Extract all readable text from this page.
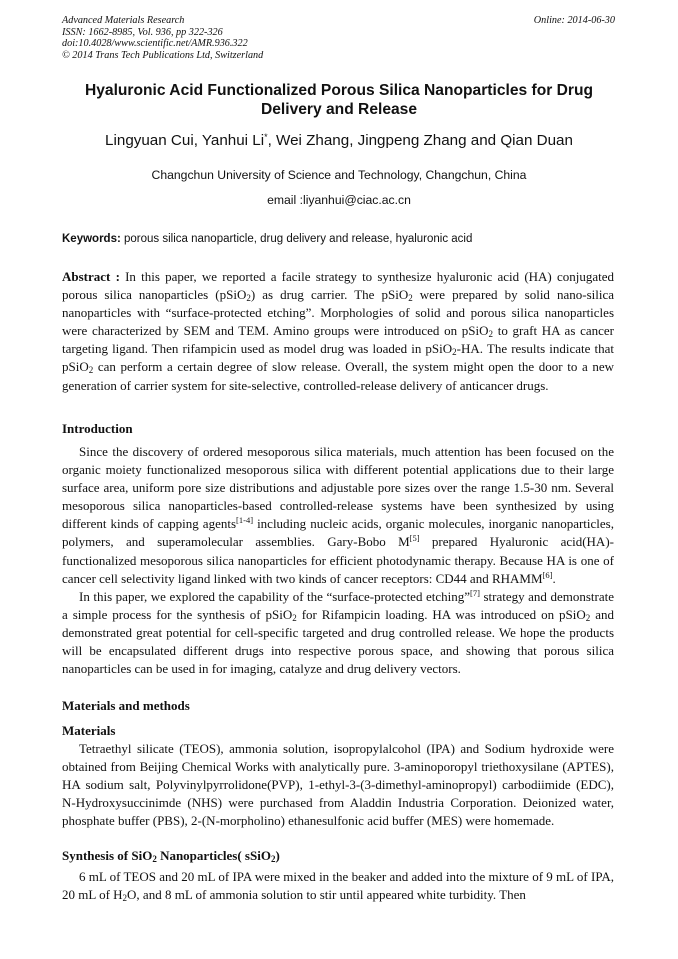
Advanced Materials Research
ISSN: 1662-8985, Vol. 936, pp 322-326
doi:10.4028/www.scientific.net/AMR.936.322
© 2014 Trans Tech Publications Ltd, Switzerland
Online: 2014-06-30
Hyaluronic Acid Functionalized Porous Silica Nanoparticles for Drug Delivery and Release
Lingyuan Cui, Yanhui Li*, Wei Zhang, Jingpeng Zhang and Qian Duan
Changchun University of Science and Technology, Changchun, China
email :liyanhui@ciac.ac.cn
Keywords: porous silica nanoparticle, drug delivery and release, hyaluronic acid

Abstract : In this paper, we reported a facile strategy to synthesize hyaluronic acid (HA) conjugated porous silica nanoparticles (pSiO$_2$) as drug carrier. The pSiO$_2$ were prepared by solid nano-silica nanoparticles with “surface-protected etching”. Morphologies of solid and porous silica nanoparticles were characterized by SEM and TEM. Amino groups were introduced on pSiO$_2$ to graft HA as cancer targeting ligand. Then rifampicin used as model drug was loaded in pSiO$_2$-HA. The results indicate that pSiO$_2$ can perform a certain degree of slow release. Overall, the system might open the door to a new generation of carrier system for site-selective, controlled-release delivery of anticancer drugs.

Introduction

Since the discovery of ordered mesoporous silica materials, much attention has been focused on the organic moiety functionalized mesoporous silica with different potential applications due to their large surface area, uniform pore size distributions and adjustable pore sizes over the range 1.5-30 nm. Several mesoporous silica nanoparticles-based controlled-release systems have been synthesized by using different kinds of capping agents[1-4] including nucleic acids, organic molecules, inorganic nanoparticles, polymers, and superamolecular assemblies. Gary-Bobo M[5] prepared Hyaluronic acid(HA)-functionalized mesoporous silica nanoparticles for efficient photodynamic therapy. Because HA is one of cancer cell selectivity ligand linked with two kinds of cancer receptors: CD44 and RHAMM[6].

In this paper, we explored the capability of the “surface-protected etching”[7] strategy and demonstrate a simple process for the synthesis of pSiO$_2$ for Rifampicin loading. HA was introduced on pSiO$_2$ and demonstrated great potential for cell-specific targeted and drug controlled release. We hope the products will be encapsulated different drugs into respective porous space, and showing that porous silica nanoparticles can be used in for imaging, catalyze and drug delivery vectors.

Materials and methods
Materials

Tetraethyl silicate (TEOS), ammonia solution, isopropylalcohol (IPA) and Sodium hydroxide were obtained from Beijing Chemical Works with analytically pure. 3-aminoporopyl triethoxysilane (APTES), HA sodium salt, Polyvinylpyrrolidone(PVP), 1-ethyl-3-(3-dimethyl-aminopropyl) carbodiimide (EDC), N-Hydroxysuccinimde (NHS) were purchased from Aladdin Industria Corporation. Deionized water, phosphate buffer (PBS), 2-(N-morpholino) ethanesulfonic acid buffer (MES) were homemade.

Synthesis of SiO$_2$ Nanoparticles( sSiO$_2$)

6 mL of TEOS and 20 mL of IPA were mixed in the beaker and added into the mixture of 9 mL of IPA, 20 mL of $H_2O$, and 8 mL of ammonia solution to stir until appeared white turbidity. Then
